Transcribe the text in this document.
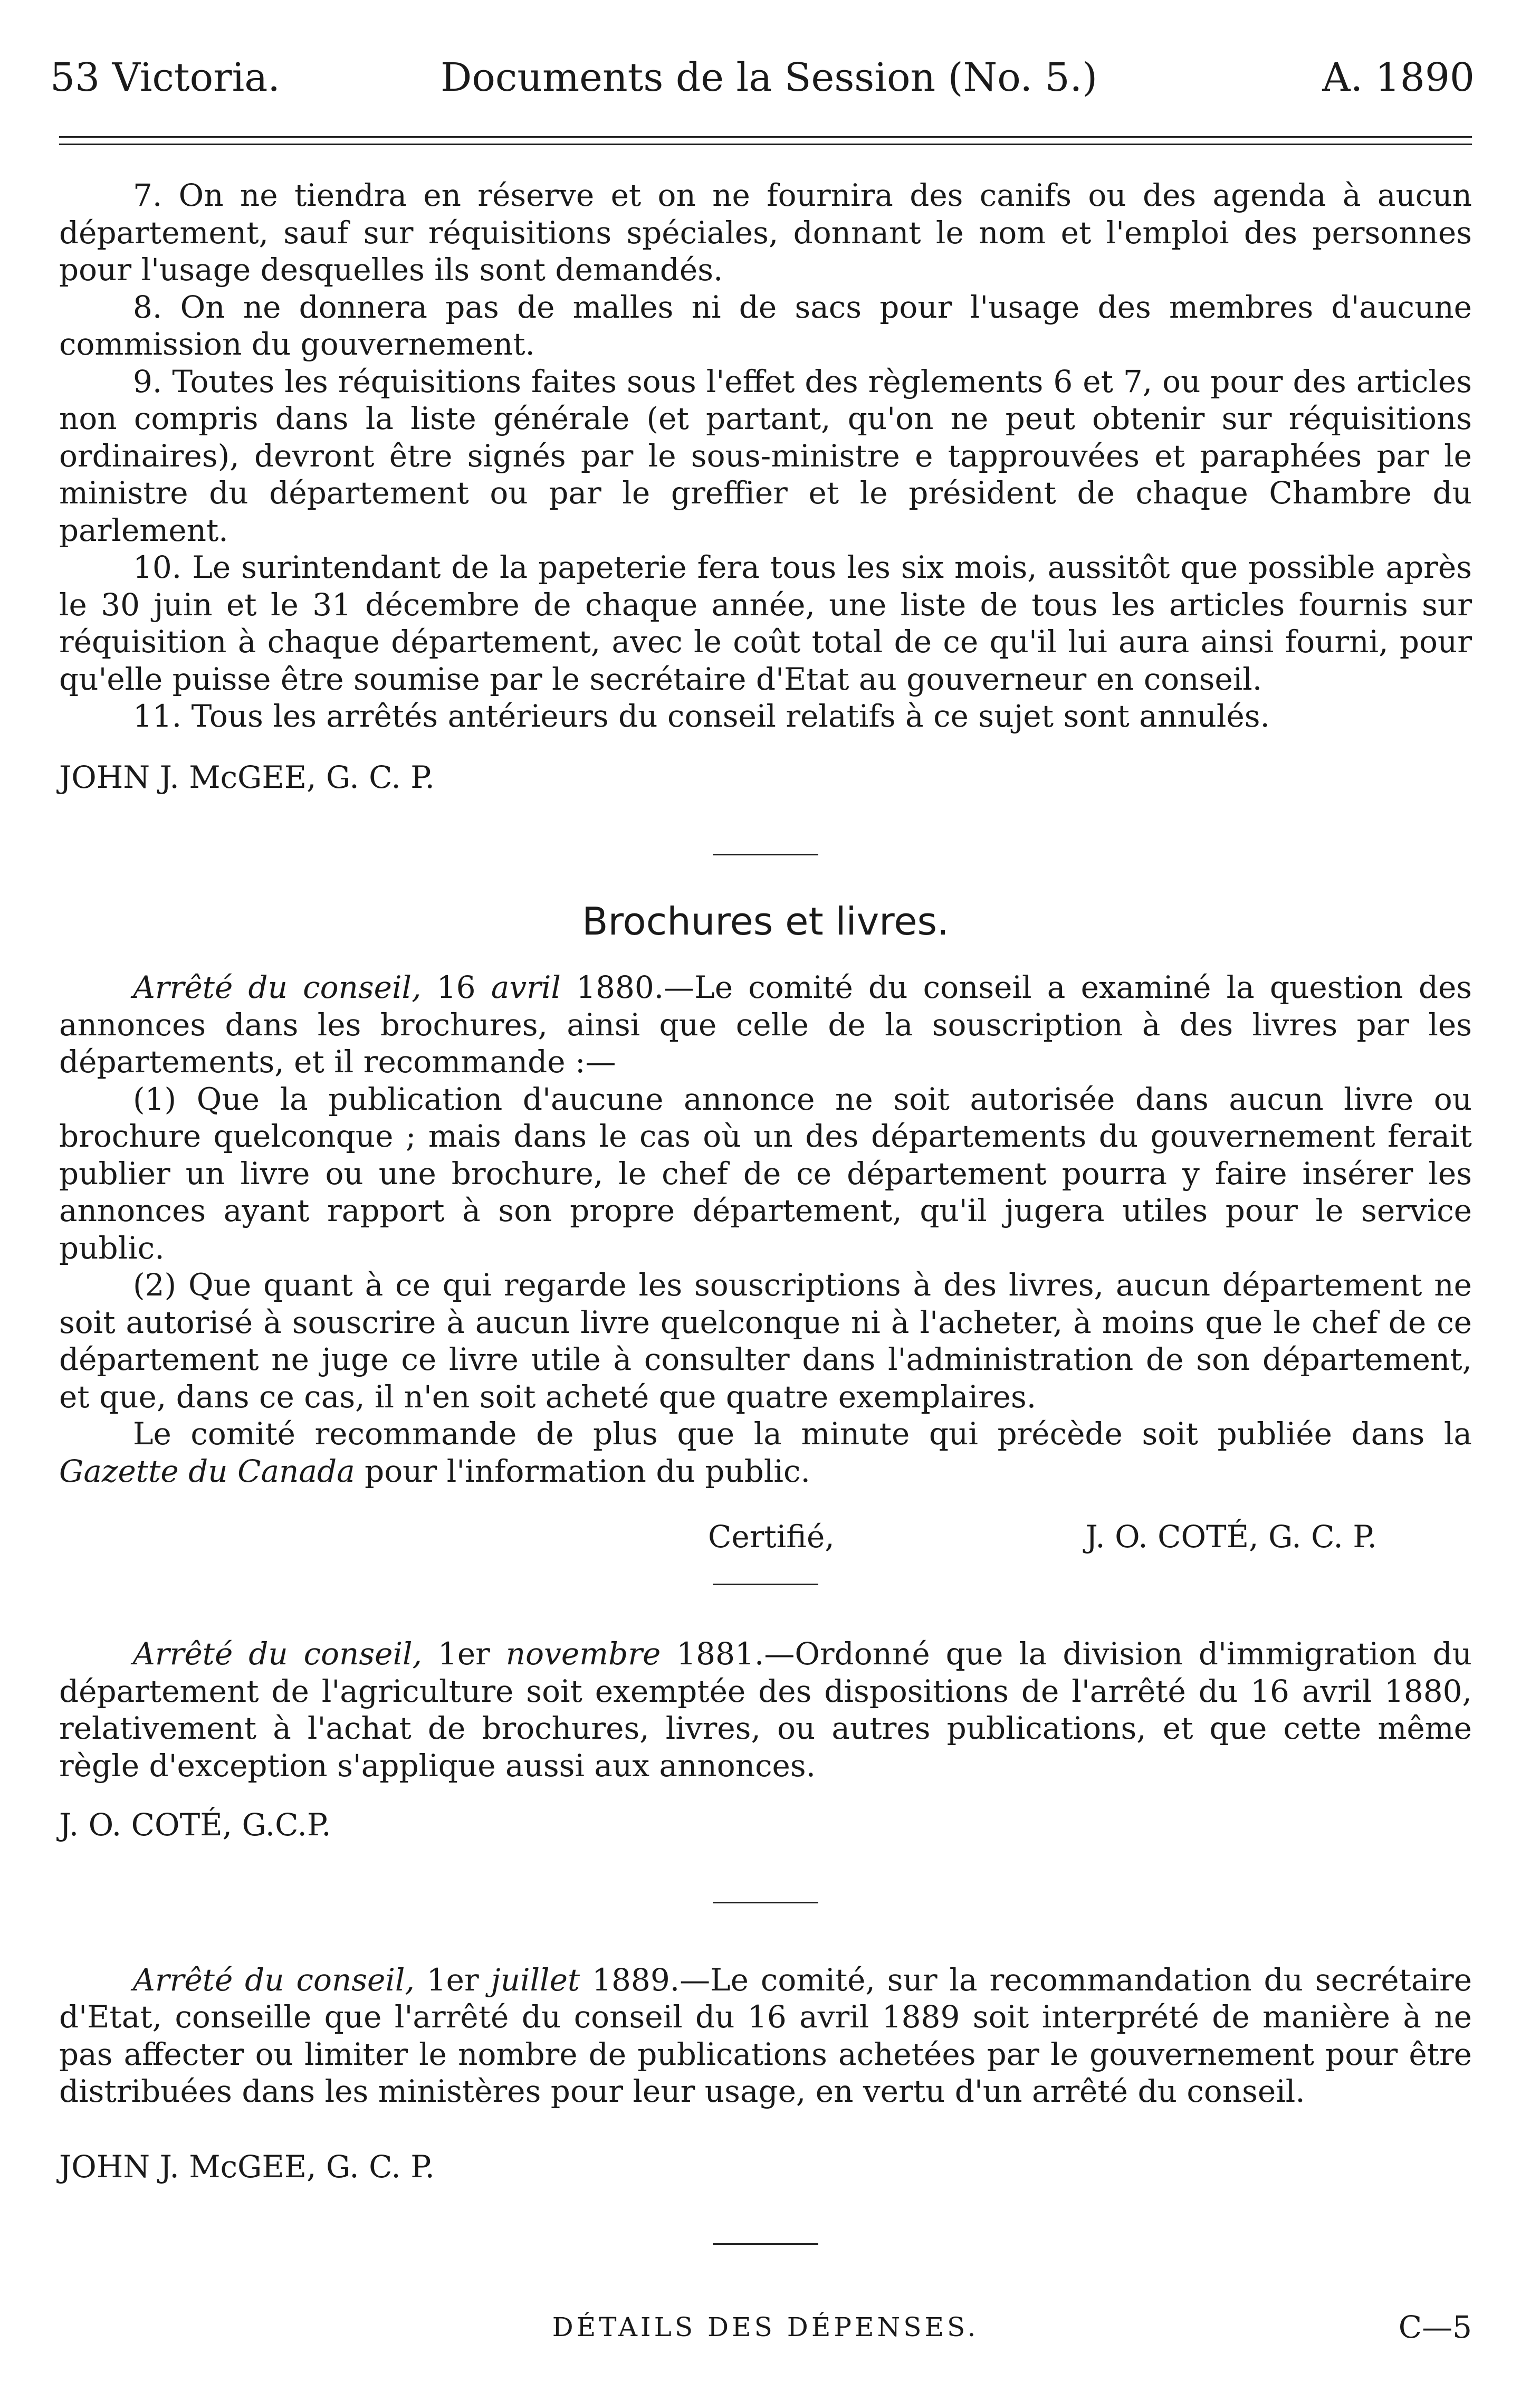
53 Victoria.	Documents de la Session (No. 5.)	A. 1890

7. On ne tiendra en réserve et on ne fournira des canifs ou des agenda à aucun département, sauf sur réquisitions spéciales, donnant le nom et l'emploi des personnes pour l'usage desquelles ils sont demandés.

8. On ne donnera pas de malles ni de sacs pour l'usage des membres d'aucune commission du gouvernement.

9. Toutes les réquisitions faites sous l'effet des règlements 6 et 7, ou pour des articles non compris dans la liste générale (et partant, qu'on ne peut obtenir sur réquisitions ordinaires), devront être signés par le sous-ministre e tapprouvées et paraphées par le ministre du département ou par le greffier et le président de chaque Chambre du parlement.

10. Le surintendant de la papeterie fera tous les six mois, aussitôt que possible après le 30 juin et le 31 décembre de chaque année, une liste de tous les articles fournis sur réquisition à chaque département, avec le coût total de ce qu'il lui aura ainsi fourni, pour qu'elle puisse être soumise par le secrétaire d'Etat au gouverneur en conseil.

11. Tous les arrêtés antérieurs du conseil relatifs à ce sujet sont annulés.

JOHN J. McGEE, G. C. P.

Brochures et livres.

Arrêté du conseil, 16 avril 1880.—Le comité du conseil a examiné la question des annonces dans les brochures, ainsi que celle de la souscription à des livres par les départements, et il recommande :—

(1) Que la publication d'aucune annonce ne soit autorisée dans aucun livre ou brochure quelconque ; mais dans le cas où un des départements du gouvernement ferait publier un livre ou une brochure, le chef de ce département pourra y faire insérer les annonces ayant rapport à son propre département, qu'il jugera utiles pour le service public.

(2) Que quant à ce qui regarde les souscriptions à des livres, aucun département ne soit autorisé à souscrire à aucun livre quelconque ni à l'acheter, à moins que le chef de ce département ne juge ce livre utile à consulter dans l'administration de son département, et que, dans ce cas, il n'en soit acheté que quatre exemplaires.

Le comité recommande de plus que la minute qui précède soit publiée dans la Gazette du Canada pour l'information du public.

Certifié,	J. O. COTÉ, G. C. P.

Arrêté du conseil, 1er novembre 1881.—Ordonné que la division d'immigration du département de l'agriculture soit exemptée des dispositions de l'arrêté du 16 avril 1880, relativement à l'achat de brochures, livres, ou autres publications, et que cette même règle d'exception s'applique aussi aux annonces.

J. O. COTÉ, G.C.P.

Arrêté du conseil, 1er juillet 1889.—Le comité, sur la recommandation du secrétaire d'Etat, conseille que l'arrêté du conseil du 16 avril 1889 soit interprété de manière à ne pas affecter ou limiter le nombre de publications achetées par le gouvernement pour être distribuées dans les ministères pour leur usage, en vertu d'un arrêté du conseil.

JOHN J. McGEE, G. C. P.

DÉTAILS DES DÉPENSES.	C—5
